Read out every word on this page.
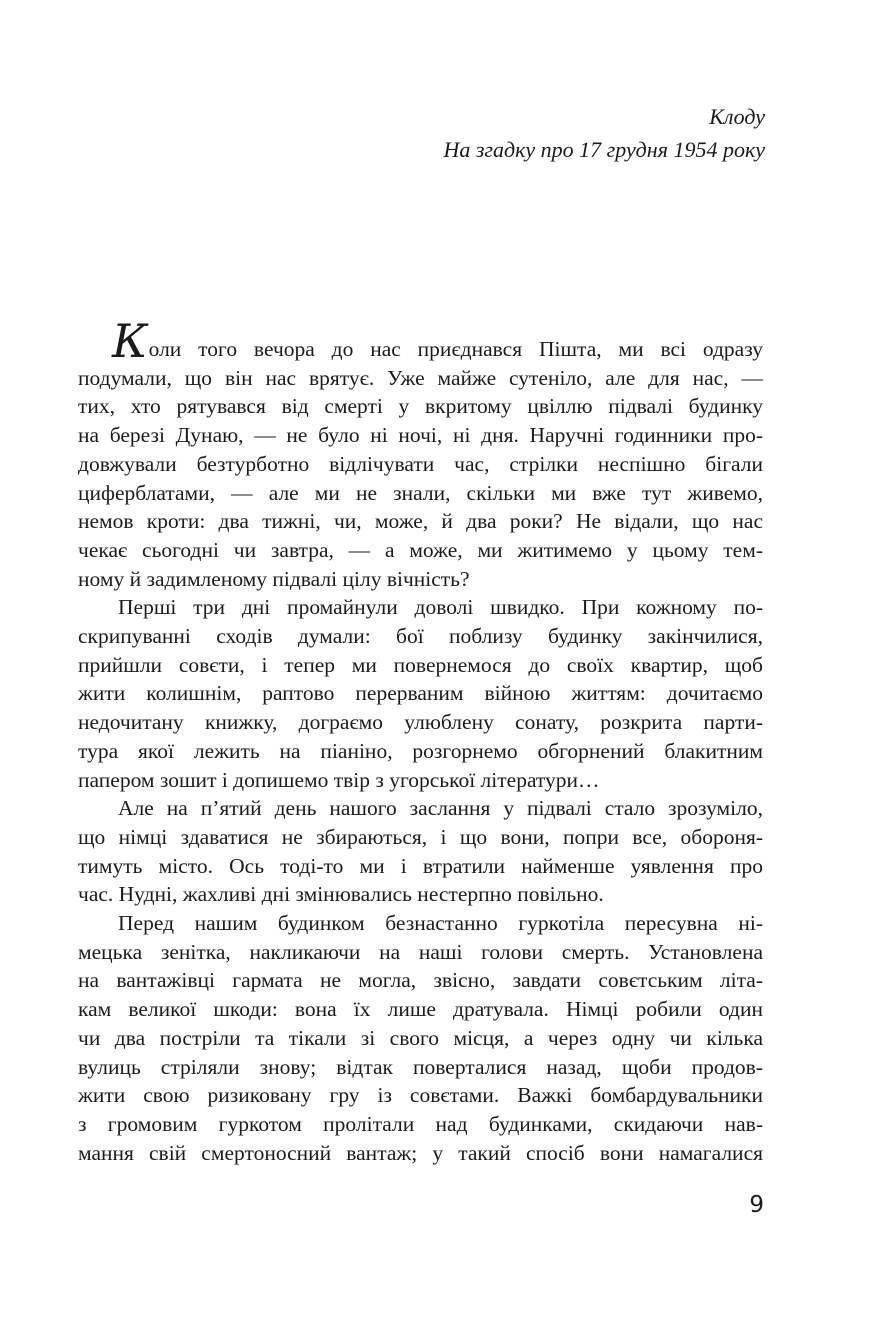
Клоду
На згадку про 17 грудня 1954 року
Коли того вечора до нас приєднався Пішта, ми всі одразу
подумали, що він нас врятує. Уже майже сутеніло, але для нас, —
тих, хто рятувався від смерті у вкритому цвіллю підвалі будинку
на березі Дунаю, — не було ні ночі, ні дня. Наручні годинники про-
довжували безтурботно відлічувати час, стрілки неспішно бігали
циферблатами, — але ми не знали, скільки ми вже тут живемо,
немов кроти: два тижні, чи, може, й два роки? Не відали, що нас
чекає сьогодні чи завтра, — а може, ми житимемо у цьому тем-
ному й задимленому підвалі цілу вічність?
Перші три дні промайнули доволі швидко. При кожному по-
скрипуванні сходів думали: бої поблизу будинку закінчилися,
прийшли совєти, і тепер ми повернемося до своїх квартир, щоб
жити колишнім, раптово перерваним війною життям: дочитаємо
недочитану книжку, дограємо улюблену сонату, розкрита парти-
тура якої лежить на піаніно, розгорнемо обгорнений блакитним
папером зошит і допишемо твір з угорської літератури…
Але на п’ятий день нашого заслання у підвалі стало зрозуміло,
що німці здаватися не збираються, і що вони, попри все, обороня-
тимуть місто. Ось тоді-то ми і втратили найменше уявлення про
час. Нудні, жахливі дні змінювались нестерпно повільно.
Перед нашим будинком безнастанно гуркотіла пересувна ні-
мецька зенітка, накликаючи на наші голови смерть. Установлена
на вантажівці гармата не могла, звісно, завдати совєтським літа-
кам великої шкоди: вона їх лише дратувала. Німці робили один
чи два постріли та тікали зі свого місця, а через одну чи кілька
вулиць стріляли знову; відтак поверталися назад, щоби продов-
жити свою ризиковану гру із совєтами. Важкі бомбардувальники
з громовим гуркотом пролітали над будинками, скидаючи нав-
мання свій смертоносний вантаж; у такий спосіб вони намагалися
9
